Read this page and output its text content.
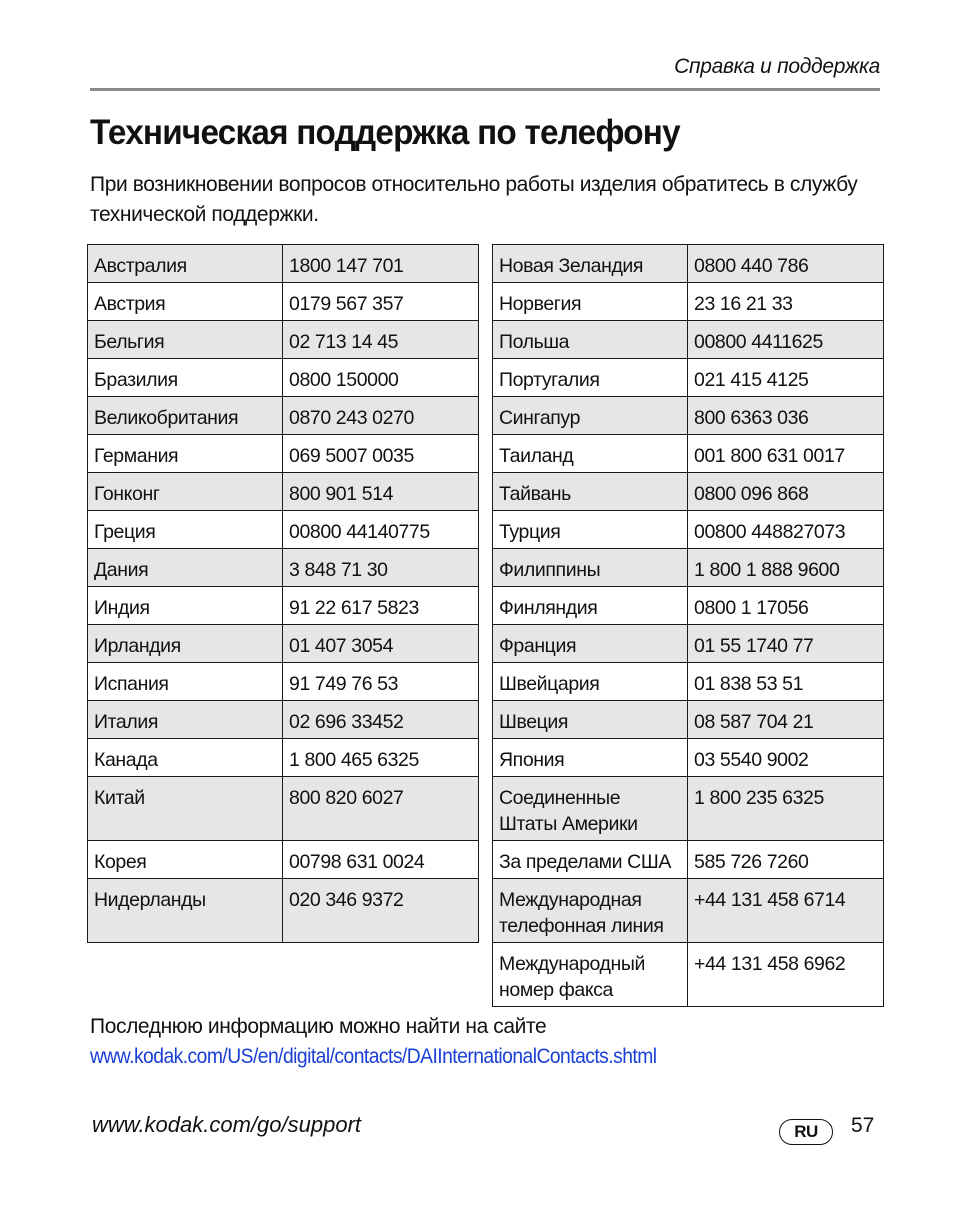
Справка и поддержка
Техническая поддержка по телефону
При возникновении вопросов относительно работы изделия обратитесь в службу технической поддержки.
Австралия	1800 147 701
Австрия	0179 567 357
Бельгия	02 713 14 45
Бразилия	0800 150000
Великобритания	0870 243 0270
Германия	069 5007 0035
Гонконг	800 901 514
Греция	00800 44140775
Дания	3 848 71 30
Индия	91 22 617 5823
Ирландия	01 407 3054
Испания	91 749 76 53
Италия	02 696 33452
Канада	1 800 465 6325
Китай	800 820 6027
Корея	00798 631 0024
Нидерланды	020 346 9372
Новая Зеландия	0800 440 786
Норвегия	23 16 21 33
Польша	00800 4411625
Португалия	021 415 4125
Сингапур	800 6363 036
Таиланд	001 800 631 0017
Тайвань	0800 096 868
Турция	00800 448827073
Филиппины	1 800 1 888 9600
Финляндия	0800 1 17056
Франция	01 55 1740 77
Швейцария	01 838 53 51
Швеция	08 587 704 21
Япония	03 5540 9002
Соединенные Штаты Америки	1 800 235 6325
За пределами США	585 726 7260
Международная телефонная линия	+44 131 458 6714
Международный номер факса	+44 131 458 6962
Последнюю информацию можно найти на сайте
www.kodak.com/US/en/digital/contacts/DAIInternationalContacts.shtml
www.kodak.com/go/support	RU	57
